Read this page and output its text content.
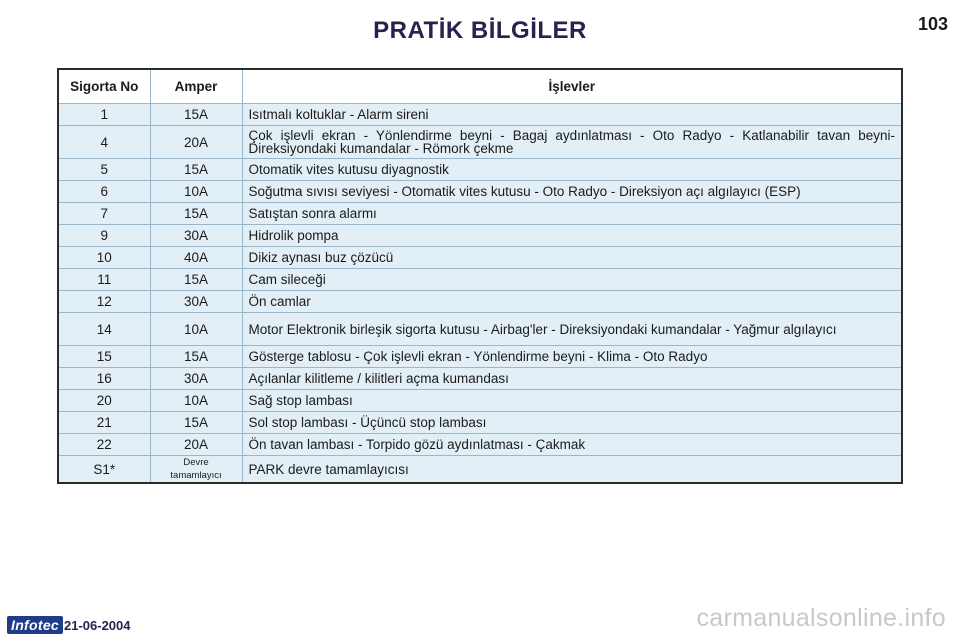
PRATİK BİLGİLER	103
Sigorta No	Amper	İşlevler
1	15A	Isıtmalı koltuklar - Alarm sireni
4	20A	Çok işlevli ekran - Yönlendirme beyni - Bagaj aydınlatması - Oto Radyo - Katlanabilir tavan beyni- Direksiyondaki kumandalar - Römork çekme
5	15A	Otomatik vites kutusu diyagnostik
6	10A	Soğutma sıvısı seviyesi - Otomatik vites kutusu - Oto Radyo - Direksiyon açı algılayıcı (ESP)
7	15A	Satıştan sonra alarmı
9	30A	Hidrolik pompa
10	40A	Dikiz aynası buz çözücü
11	15A	Cam sileceği
12	30A	Ön camlar
14	10A	Motor Elektronik birleşik sigorta kutusu - Airbag'ler - Direksiyondaki kumandalar - Yağmur algılayıcı
15	15A	Gösterge tablosu - Çok işlevli ekran - Yönlendirme beyni - Klima - Oto Radyo
16	30A	Açılanlar kilitleme / kilitleri açma kumandası
20	10A	Sağ stop lambası
21	15A	Sol stop lambası - Üçüncü stop lambası
22	20A	Ön tavan lambası - Torpido gözü aydınlatması - Çakmak
S1*	Devre tamamlayıcı	PARK devre tamamlayıcısı
Infotec 21-06-2004	carmanualsonline.info
